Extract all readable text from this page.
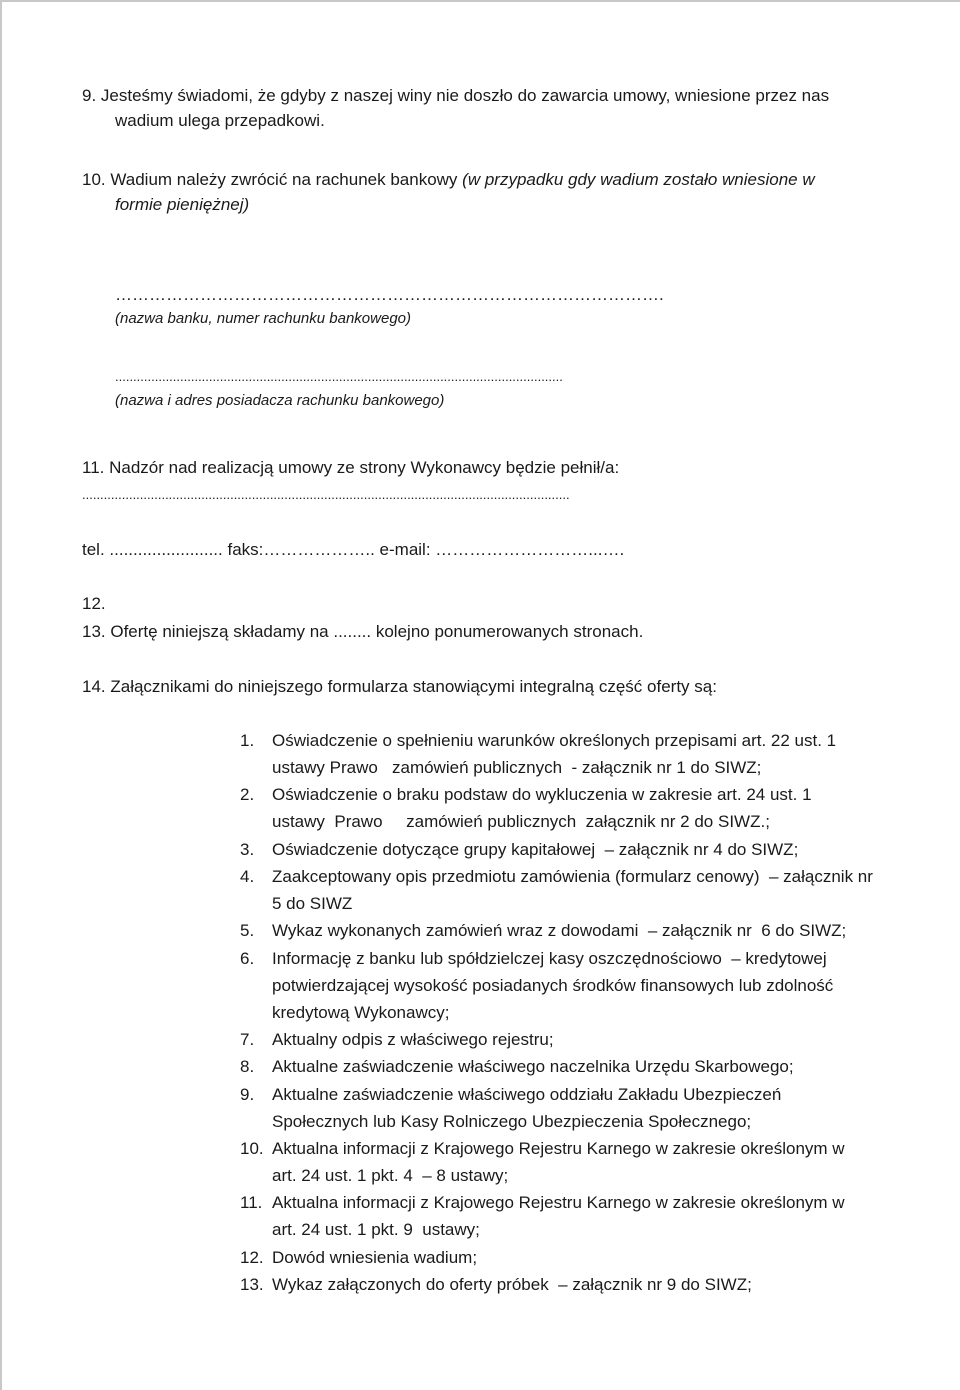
9. Jesteśmy świadomi, że gdyby z naszej winy nie doszło do zawarcia umowy, wniesione przez nas
wadium ulega przepadkowi.
10. Wadium należy zwrócić na rachunek bankowy (w przypadku gdy wadium zostało wniesione w
formie pieniężnej)
…………………………………………………………………………………….
(nazwa banku, numer rachunku bankowego)
............................................................................................................................
(nazwa i adres posiadacza rachunku bankowego)
11. Nadzór nad realizacją umowy ze strony Wykonawcy będzie pełnił/a:
.......................................................................................................................................
tel. ........................ faks:……………….. e-mail: ………………………...….
12.
13. Ofertę niniejszą składamy na ........ kolejno ponumerowanych stronach.
14. Załącznikami do niniejszego formularza stanowiącymi integralną część oferty są:
1. Oświadczenie o spełnieniu warunków określonych przepisami art. 22 ust. 1
ustawy Prawo   zamówień publicznych  - załącznik nr 1 do SIWZ;
2. Oświadczenie o braku podstaw do wykluczenia w zakresie art. 24 ust. 1
ustawy  Prawo     zamówień publicznych  załącznik nr 2 do SIWZ.;
3. Oświadczenie dotyczące grupy kapitałowej  – załącznik nr 4 do SIWZ;
4. Zaakceptowany opis przedmiotu zamówienia (formularz cenowy)  – załącznik nr
5 do SIWZ
5. Wykaz wykonanych zamówień wraz z dowodami  – załącznik nr  6 do SIWZ;
6. Informację z banku lub spółdzielczej kasy oszczędnościowo  – kredytowej
potwierdzającej wysokość posiadanych środków finansowych lub zdolność
kredytową Wykonawcy;
7. Aktualny odpis z właściwego rejestru;
8. Aktualne zaświadczenie właściwego naczelnika Urzędu Skarbowego;
9. Aktualne zaświadczenie właściwego oddziału Zakładu Ubezpieczeń
Społecznych lub Kasy Rolniczego Ubezpieczenia Społecznego;
10. Aktualna informacji z Krajowego Rejestru Karnego w zakresie określonym w
art. 24 ust. 1 pkt. 4  – 8 ustawy;
11. Aktualna informacji z Krajowego Rejestru Karnego w zakresie określonym w
art. 24 ust. 1 pkt. 9  ustawy;
12. Dowód wniesienia wadium;
13. Wykaz załączonych do oferty próbek  – załącznik nr 9 do SIWZ;
